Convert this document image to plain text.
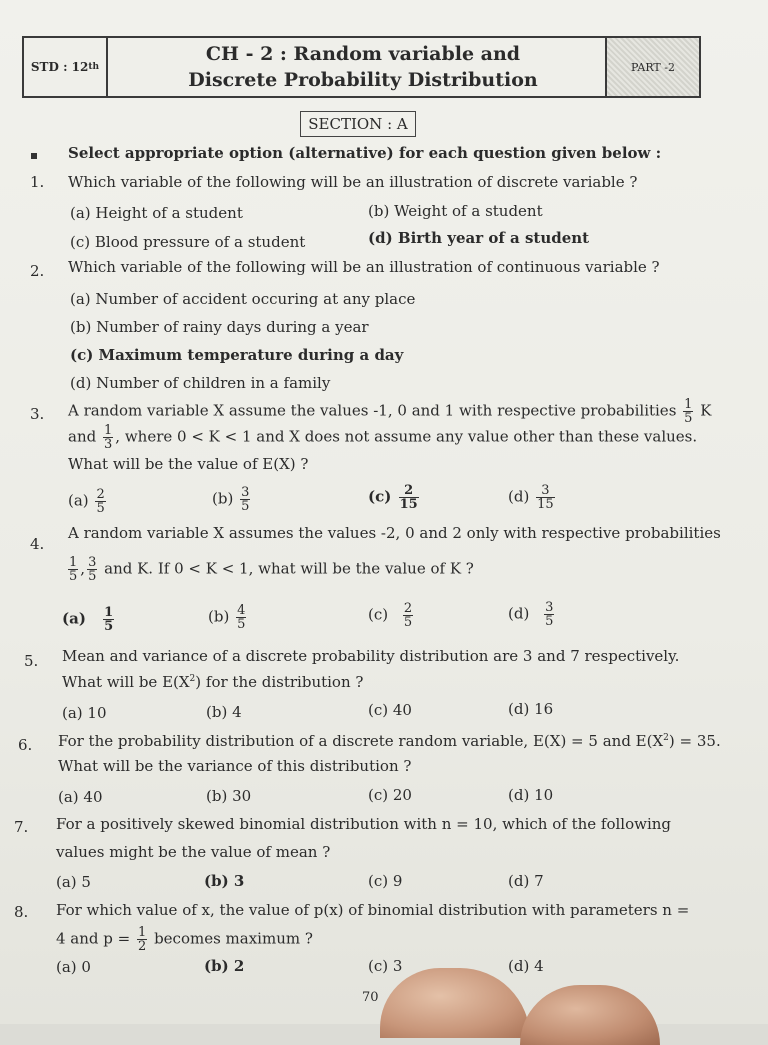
STD : 12 th
CH - 2 : Random variable and
Discrete Probability Distribution
PART -2
SECTION : A
Select appropriate option (alternative) for each question given below :
1. Which variable of the following will be an illustration of discrete variable ?
(a) Height of a student	(b) Weight of a student
(c) Blood pressure of a student	(d) Birth year of a student
2. Which variable of the following will be an illustration of continuous variable ?
(a) Number of accident occuring at any place
(b) Number of rainy days during a year
(c) Maximum temperature during a day
(d) Number of children in a family
3. A random variable X assume the values -1, 0 and 1 with respective probabilities $\frac{1}{5}$ K
and $\frac{1}{3}$ , where 0 < K < 1 and X does not assume any value other than these values.
What will be the value of E(X) ?
$(a) \frac{2}{5}$	$(b) \frac{3}{5}$	$(c) \frac{2}{15}$	$(d) \frac{3}{15}$
4.
A random variable X assumes the values -2, 0 and 2 only with respective probabilities
$\frac{1}{5}$ , $\frac{3}{5}$ and K. If 0 < K < 1, what will be the value of K ?
$(a) \frac{1}{5}$	$(b) \frac{4}{5}$	$(c) \frac{2}{5}$	$(d) \frac{3}{5}$
5. Mean and variance of a discrete probability distribution are 3 and 7 respectively.
What will be $E(X^2)$ for the distribution ?
(a) 10	(b) 4	(c) 40	(d) 16
6. For the probability distribution of a discrete random variable, E(X) = 5 and $E(X^2) = 35$.
What will be the variance of this distribution ?
(a) 40	(b) 30	(c) 20	(d) 10
7. For a positively skewed binomial distribution with n = 10, which of the following
values might be the value of mean ?
(a) 5	(b) 3	(c) 9	(d) 7
8. For which value of x, the value of p(x) of binomial distribution with parameters n =
4 and $p = \frac{1}{2}$ becomes maximum ?
(a) 0	(b) 2	(c) 3	(d) 4
70
